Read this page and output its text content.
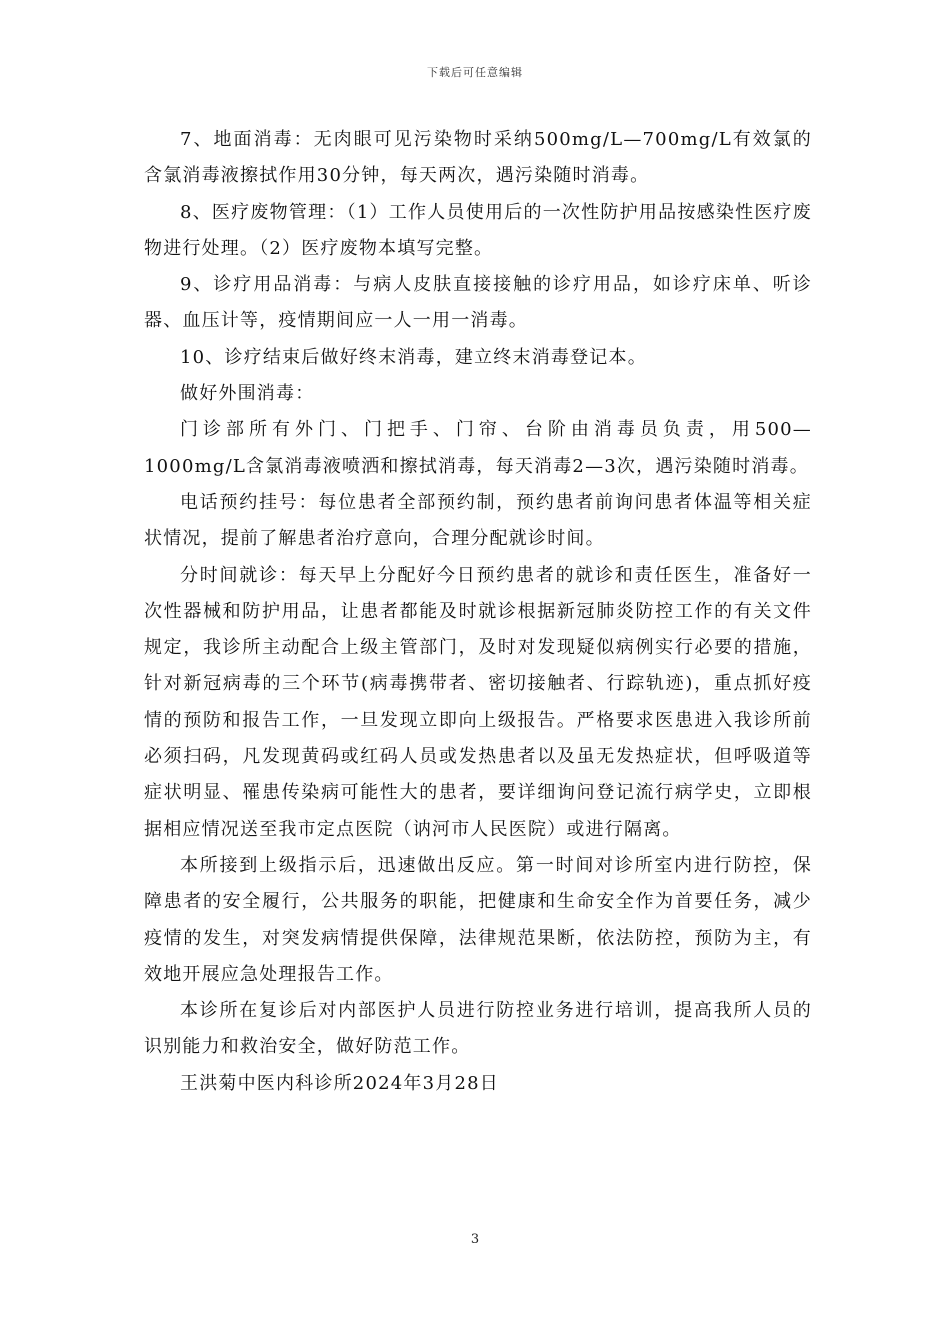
下载后可任意编辑

7、地面消毒：无肉眼可见污染物时采纳500mg/L—700mg/L有效氯的含氯消毒液擦拭作用30分钟，每天两次，遇污染随时消毒。

8、医疗废物管理：（1）工作人员使用后的一次性防护用品按感染性医疗废物进行处理。（2）医疗废物本填写完整。

9、诊疗用品消毒：与病人皮肤直接接触的诊疗用品，如诊疗床单、听诊器、血压计等，疫情期间应一人一用一消毒。

10、诊疗结束后做好终末消毒，建立终末消毒登记本。

做好外围消毒：

门诊部所有外门、门把手、门帘、台阶由消毒员负责，用500—1000mg/L含氯消毒液喷洒和擦拭消毒，每天消毒2—3次，遇污染随时消毒。

电话预约挂号：每位患者全部预约制，预约患者前询问患者体温等相关症状情况，提前了解患者治疗意向，合理分配就诊时间。

分时间就诊：每天早上分配好今日预约患者的就诊和责任医生，准备好一次性器械和防护用品，让患者都能及时就诊根据新冠肺炎防控工作的有关文件规定，我诊所主动配合上级主管部门，及时对发现疑似病例实行必要的措施，针对新冠病毒的三个环节(病毒携带者、密切接触者、行踪轨迹)，重点抓好疫情的预防和报告工作，一旦发现立即向上级报告。严格要求医患进入我诊所前必须扫码，凡发现黄码或红码人员或发热患者以及虽无发热症状，但呼吸道等症状明显、罹患传染病可能性大的患者，要详细询问登记流行病学史，立即根据相应情况送至我市定点医院（讷河市人民医院）或进行隔离。

本所接到上级指示后，迅速做出反应。第一时间对诊所室内进行防控，保障患者的安全履行，公共服务的职能，把健康和生命安全作为首要任务，减少疫情的发生，对突发病情提供保障，法律规范果断，依法防控，预防为主，有效地开展应急处理报告工作。

本诊所在复诊后对内部医护人员进行防控业务进行培训，提高我所人员的识别能力和救治安全，做好防范工作。

王洪菊中医内科诊所2024年3月28日

3
